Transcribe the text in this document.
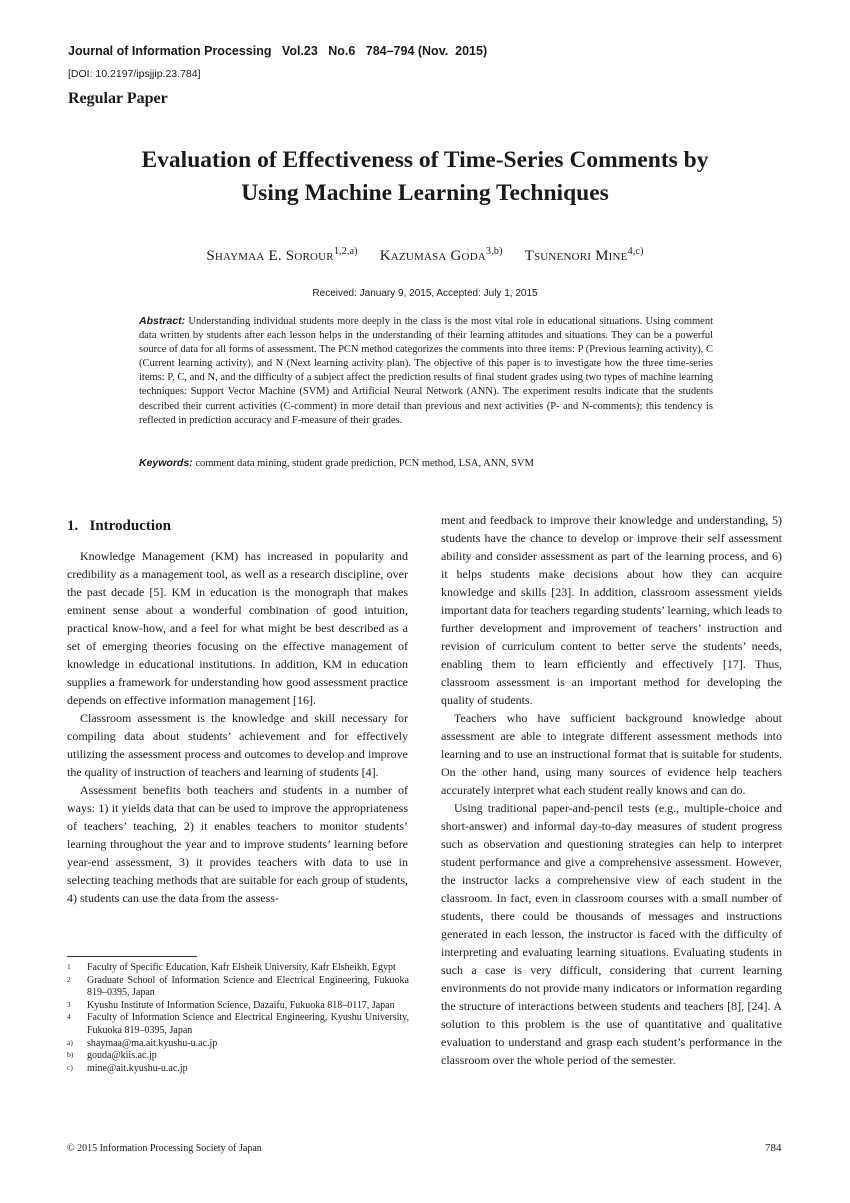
Journal of Information Processing   Vol.23   No.6   784–794 (Nov.  2015)
[DOI: 10.2197/ipsjjip.23.784]
Regular Paper
Evaluation of Effectiveness of Time-Series Comments by
Using Machine Learning Techniques
Shaymaa E. Sorour$^{1,2,a)}$ Kazumasa Goda$^{3,b)}$ Tsunenori Mine$^{4,c)}$
Received: January 9, 2015, Accepted: July 1, 2015
Abstract: Understanding individual students more deeply in the class is the most vital role in educational situations. Using comment data written by students after each lesson helps in the understanding of their learning attitudes and situations. They can be a powerful source of data for all forms of assessment. The PCN method categorizes the comments into three items: P (Previous learning activity), C (Current learning activity), and N (Next learning activity plan). The objective of this paper is to investigate how the three time-series items: P, C, and N, and the difficulty of a subject affect the prediction results of final student grades using two types of machine learning techniques: Support Vector Machine (SVM) and Artificial Neural Network (ANN). The experiment results indicate that the students described their current activities (C-comment) in more detail than previous and next activities (P- and N-comments); this tendency is reflected in prediction accuracy and F-measure of their grades.
Keywords: comment data mining, student grade prediction, PCN method, LSA, ANN, SVM
1.   Introduction

Knowledge Management (KM) has increased in popularity and credibility as a management tool, as well as a research discipline, over the past decade [5]. KM in education is the monograph that makes eminent sense about a wonderful combination of good intuition, practical know-how, and a feel for what might be best described as a set of emerging theories focusing on the effective management of knowledge in educational institutions. In addition, KM in education supplies a framework for understanding how good assessment practice depends on effective information management [16].

Classroom assessment is the knowledge and skill necessary for compiling data about students’ achievement and for effectively utilizing the assessment process and outcomes to develop and improve the quality of instruction of teachers and learning of students [4].

Assessment benefits both teachers and students in a number of ways: 1) it yields data that can be used to improve the appropriateness of teachers’ teaching, 2) it enables teachers to monitor students’ learning throughout the year and to improve students’ learning before year-end assessment, 3) it provides teachers with data to use in selecting teaching methods that are suitable for each group of students, 4) students can use the data from the assess-

ment and feedback to improve their knowledge and understanding, 5) students have the chance to develop or improve their self assessment ability and consider assessment as part of the learning process, and 6) it helps students make decisions about how they can acquire knowledge and skills [23]. In addition, classroom assessment yields important data for teachers regarding students’ learning, which leads to further development and improvement of teachers’ instruction and revision of curriculum content to better serve the students’ needs, enabling them to learn efficiently and effectively [17]. Thus, classroom assessment is an important method for developing the quality of students.

Teachers who have sufficient background knowledge about assessment are able to integrate different assessment methods into learning and to use an instructional format that is suitable for students. On the other hand, using many sources of evidence help teachers accurately interpret what each student really knows and can do.

Using traditional paper-and-pencil tests (e.g., multiple-choice and short-answer) and informal day-to-day measures of student progress such as observation and questioning strategies can help to interpret student performance and give a comprehensive assessment. However, the instructor lacks a comprehensive view of each student in the classroom. In fact, even in classroom courses with a small number of students, there could be thousands of messages and instructions generated in each lesson, the instructor is faced with the difficulty of interpreting and evaluating learning situations. Evaluating students in such a case is very difficult, considering that current learning environments do not provide many indicators or information regarding the structure of interactions between students and teachers [8], [24]. A solution to this problem is the use of quantitative and qualitative evaluation to understand and grasp each student’s performance in the classroom over the whole period of the semester.

1	Faculty of Specific Education, Kafr Elsheik University, Kafr Elsheikh, Egypt
2	Graduate School of Information Science and Electrical Engineering, Fukuoka 819–0395, Japan
3	Kyushu Institute of Information Science, Dazaifu, Fukuoka 818–0117, Japan
4	Faculty of Information Science and Electrical Engineering, Kyushu University, Fukuoka 819–0395, Japan
a)	shaymaa@ma.ait.kyushu-u.ac.jp
b)	gouda@kiis.ac.jp
c)	mine@ait.kyushu-u.ac.jp
© 2015 Information Processing Society of Japan	784
